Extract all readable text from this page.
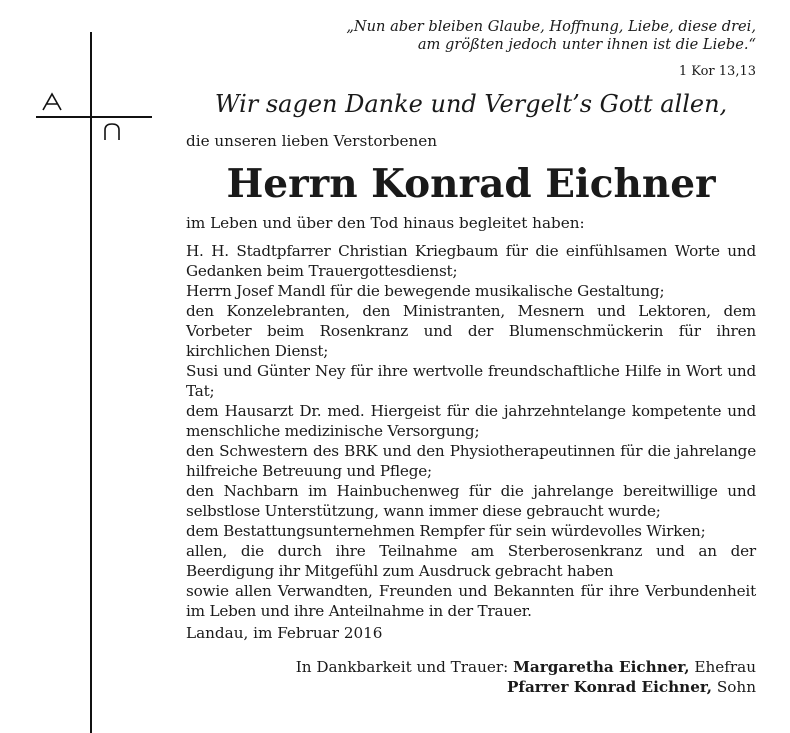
„Nun aber bleiben Glaube, Hoffnung, Liebe, diese drei,
am größten jedoch unter ihnen ist die Liebe.“
1 Kor 13,13
Wir sagen Danke und Vergelt’s Gott allen,
die unseren lieben Verstorbenen
Herrn Konrad Eichner
im Leben und über den Tod hinaus begleitet haben:
H. H. Stadtpfarrer Christian Kriegbaum für die einfühlsamen Worte und Gedanken beim Trauergottesdienst;
Herrn Josef Mandl für die bewegende musikalische Gestaltung;
den Konzelebranten, den Ministranten, Mesnern und Lektoren, dem Vorbeter beim Rosenkranz und der Blumenschmückerin für ihren kirchlichen Dienst;
Susi und Günter Ney für ihre wertvolle freundschaftliche Hilfe in Wort und Tat;
dem Hausarzt Dr. med. Hiergeist für die jahrzehntelange kompetente und menschliche medizinische Versorgung;
den Schwestern des BRK und den Physiotherapeutinnen für die jahrelange hilfreiche Betreuung und Pflege;
den Nachbarn im Hainbuchenweg für die jahrelange bereitwillige und selbstlose Unterstützung, wann immer diese gebraucht wurde;
dem Bestattungsunternehmen Rempfer für sein würdevolles Wirken;
allen, die durch ihre Teilnahme am Sterberosenkranz und an der Beerdigung ihr Mitgefühl zum Ausdruck gebracht haben
sowie allen Verwandten, Freunden und Bekannten für ihre Verbundenheit im Leben und ihre Anteilnahme in der Trauer.
Landau, im Februar 2016
In Dankbarkeit und Trauer: Margaretha Eichner, Ehefrau
Pfarrer Konrad Eichner, Sohn
